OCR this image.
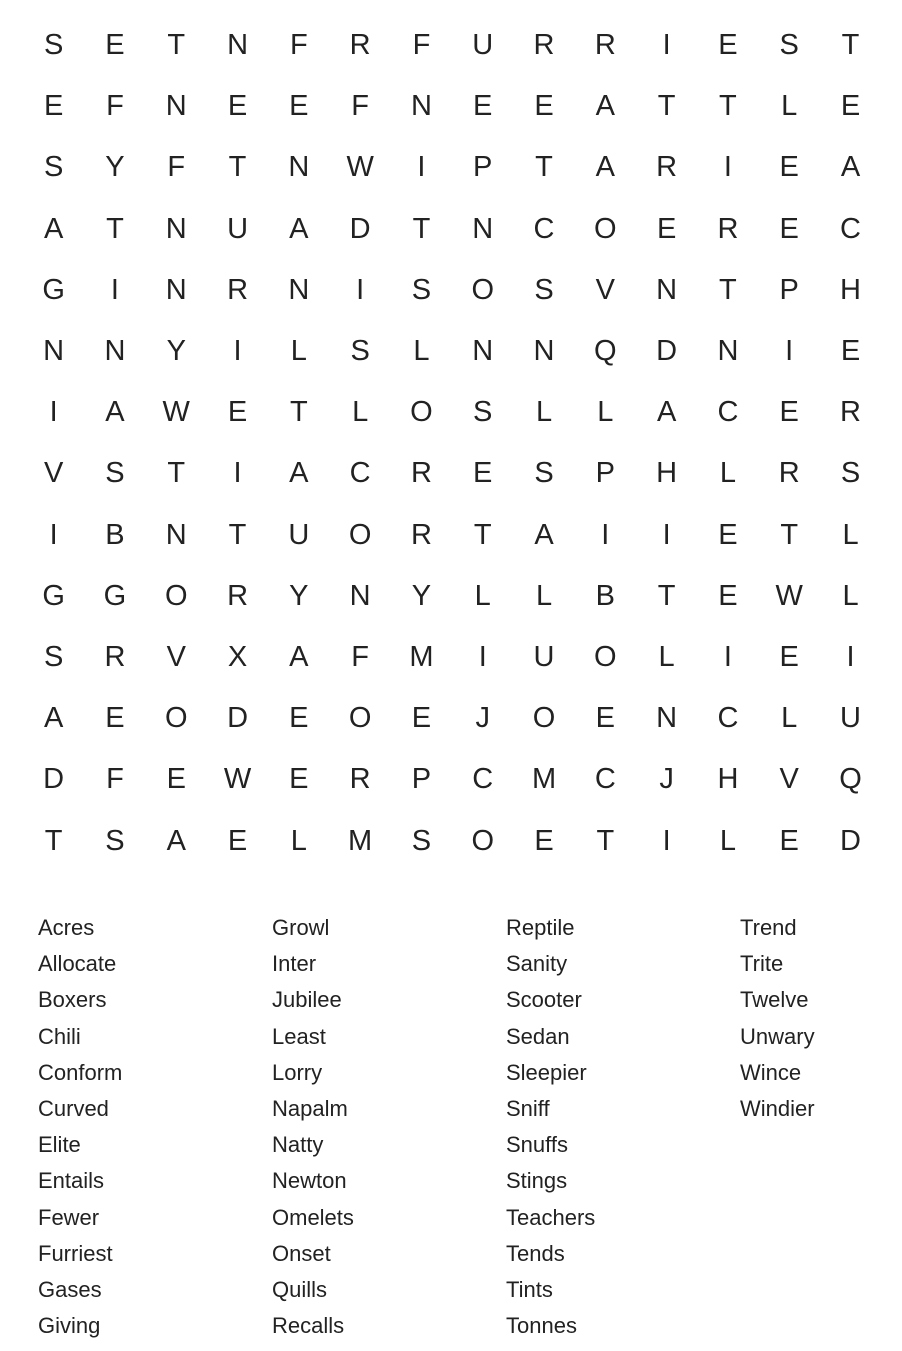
S	E	T	N	F	R	F	U	R	R	I	E	S	T
E	F	N	E	E	F	N	E	E	A	T	T	L	E
S	Y	F	T	N	W	I	P	T	A	R	I	E	A
A	T	N	U	A	D	T	N	C	O	E	R	E	C
G	I	N	R	N	I	S	O	S	V	N	T	P	H
N	N	Y	I	L	S	L	N	N	Q	D	N	I	E
I	A	W	E	T	L	O	S	L	L	A	C	E	R
V	S	T	I	A	C	R	E	S	P	H	L	R	S
I	B	N	T	U	O	R	T	A	I	I	E	T	L
G	G	O	R	Y	N	Y	L	L	B	T	E	W	L
S	R	V	X	A	F	M	I	U	O	L	I	E	I
A	E	O	D	E	O	E	J	O	E	N	C	L	U
D	F	E	W	E	R	P	C	M	C	J	H	V	Q
T	S	A	E	L	M	S	O	E	T	I	L	E	D
Acres
Allocate
Boxers
Chili
Conform
Curved
Elite
Entails
Fewer
Furriest
Gases
Giving
Growl
Inter
Jubilee
Least
Lorry
Napalm
Natty
Newton
Omelets
Onset
Quills
Recalls
Reptile
Sanity
Scooter
Sedan
Sleepier
Sniff
Snuffs
Stings
Teachers
Tends
Tints
Tonnes
Trend
Trite
Twelve
Unwary
Wince
Windier
